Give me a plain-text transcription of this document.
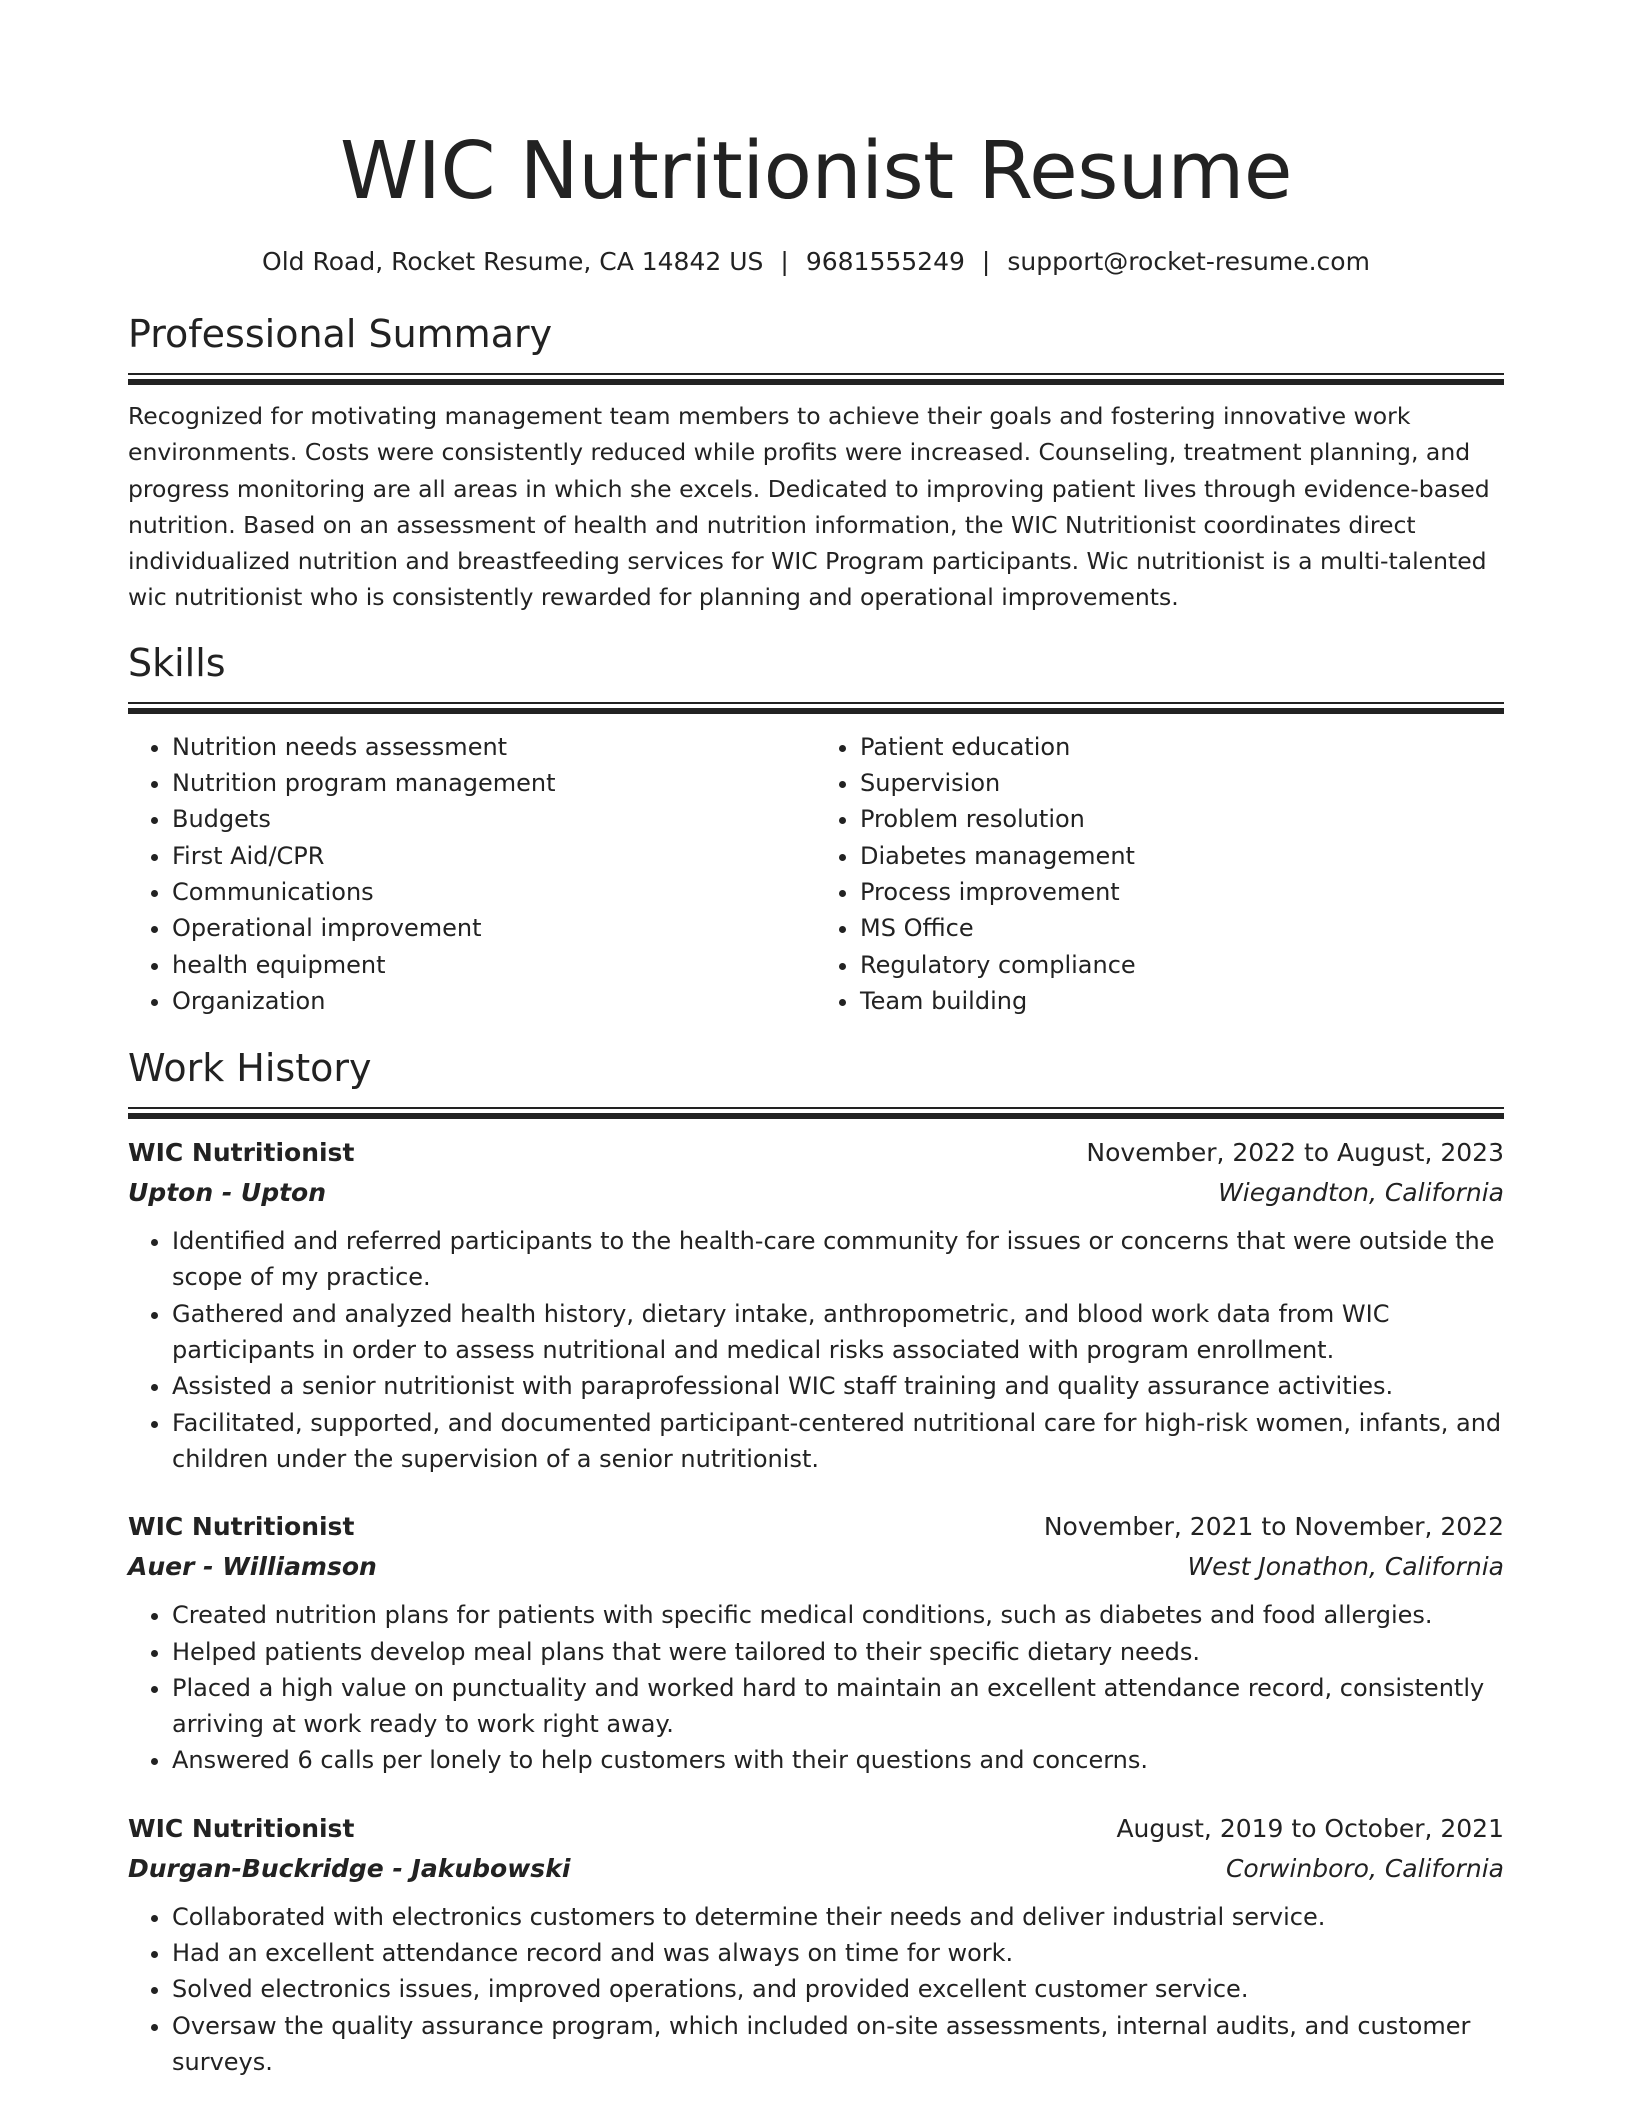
WIC Nutritionist Resume
Old Road, Rocket Resume, CA 14842 US | 9681555249 | support@rocket-resume.com
Professional Summary

Recognized for motivating management team members to achieve their goals and fostering innovative work environments. Costs were consistently reduced while profits were increased. Counseling, treatment planning, and progress monitoring are all areas in which she excels. Dedicated to improving patient lives through evidence-based nutrition. Based on an assessment of health and nutrition information, the WIC Nutritionist coordinates direct individualized nutrition and breastfeeding services for WIC Program participants. Wic nutritionist is a multi-talented wic nutritionist who is consistently rewarded for planning and operational improvements.

Skills
• Nutrition needs assessment
• Nutrition program management
• Budgets
• First Aid/CPR
• Communications
• Operational improvement
• health equipment
• Organization
• Patient education
• Supervision
• Problem resolution
• Diabetes management
• Process improvement
• MS Office
• Regulatory compliance
• Team building
Work History
WIC Nutritionist	November, 2022 to August, 2023
Upton - Upton	Wiegandton, California
• Identified and referred participants to the health-care community for issues or concerns that were outside the scope of my practice.
• Gathered and analyzed health history, dietary intake, anthropometric, and blood work data from WIC participants in order to assess nutritional and medical risks associated with program enrollment.
• Assisted a senior nutritionist with paraprofessional WIC staff training and quality assurance activities.
• Facilitated, supported, and documented participant-centered nutritional care for high-risk women, infants, and children under the supervision of a senior nutritionist.
WIC Nutritionist	November, 2021 to November, 2022
Auer - Williamson	West Jonathon, California
• Created nutrition plans for patients with specific medical conditions, such as diabetes and food allergies.
• Helped patients develop meal plans that were tailored to their specific dietary needs.
• Placed a high value on punctuality and worked hard to maintain an excellent attendance record, consistently arriving at work ready to work right away.
• Answered 6 calls per lonely to help customers with their questions and concerns.
WIC Nutritionist	August, 2019 to October, 2021
Durgan-Buckridge - Jakubowski	Corwinboro, California
• Collaborated with electronics customers to determine their needs and deliver industrial service.
• Had an excellent attendance record and was always on time for work.
• Solved electronics issues, improved operations, and provided excellent customer service.
• Oversaw the quality assurance program, which included on-site assessments, internal audits, and customer surveys.
